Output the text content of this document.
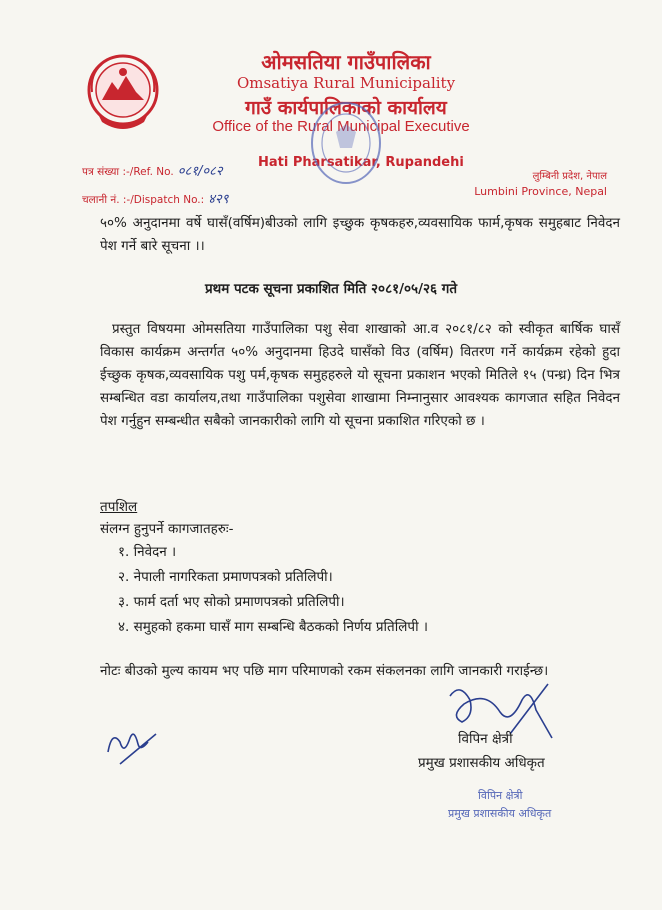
ओमसतिया गाउँपालिका
Omsatiya Rural Municipality
गाउँ कार्यपालिकाको कार्यालय
Office of the Rural Municipal Executive
Hati Pharsatikar, Rupandehi
पत्र संख्या :-/Ref. No. ०८१/०८२
चलानी नं. :-/Dispatch No.: ४२९
लुम्बिनी प्रदेश, नेपाल
Lumbini Province, Nepal
५०% अनुदानमा वर्षे घासँ(वर्षिम)बीउको लागि इच्छुक कृषकहरु,व्यवसायिक फार्म,कृषक समुहबाट निवेदन पेश गर्ने बारे सूचना ।।
प्रथम पटक सूचना प्रकाशित मिति २०८१/०५/२६ गते
प्रस्तुत विषयमा ओमसतिया गाउँपालिका पशु सेवा शाखाको आ.व २०८१/८२ को स्वीकृत बार्षिक घासँ विकास कार्यक्रम अन्तर्गत ५०% अनुदानमा हिउदे घासँको विउ (वर्षिम) वितरण गर्ने कार्यक्रम रहेको हुदा ईच्छुक कृषक,व्यवसायिक पशु पर्म,कृषक समुहहरुले यो सूचना प्रकाशन भएको मितिले १५ (पन्ध्र) दिन भित्र सम्बन्धित वडा कार्यालय,तथा गाउँपालिका पशुसेवा शाखामा निम्नानुसार आवश्यक कागजात सहित निवेदन पेश गर्नुहुन सम्बन्धीत सबैको जानकारीको लागि यो सूचना प्रकाशित गरिएको छ ।
तपशिल
संलग्न हुनुपर्ने कागजातहरुः-
१. निवेदन ।
२. नेपाली नागरिकता प्रमाणपत्रको प्रतिलिपी।
३. फार्म दर्ता भए सोको प्रमाणपत्रको प्रतिलिपी।
४. समुहको हकमा घासँ माग सम्बन्धि बैठकको निर्णय प्रतिलिपी ।
नोटः बीउको मुल्य कायम भए पछि माग परिमाणको रकम संकलनका लागि जानकारी गराईन्छ।
विपिन क्षेत्री
प्रमुख प्रशासकीय अधिकृत
विपिन क्षेत्री
प्रमुख प्रशासकीय अधिकृत
